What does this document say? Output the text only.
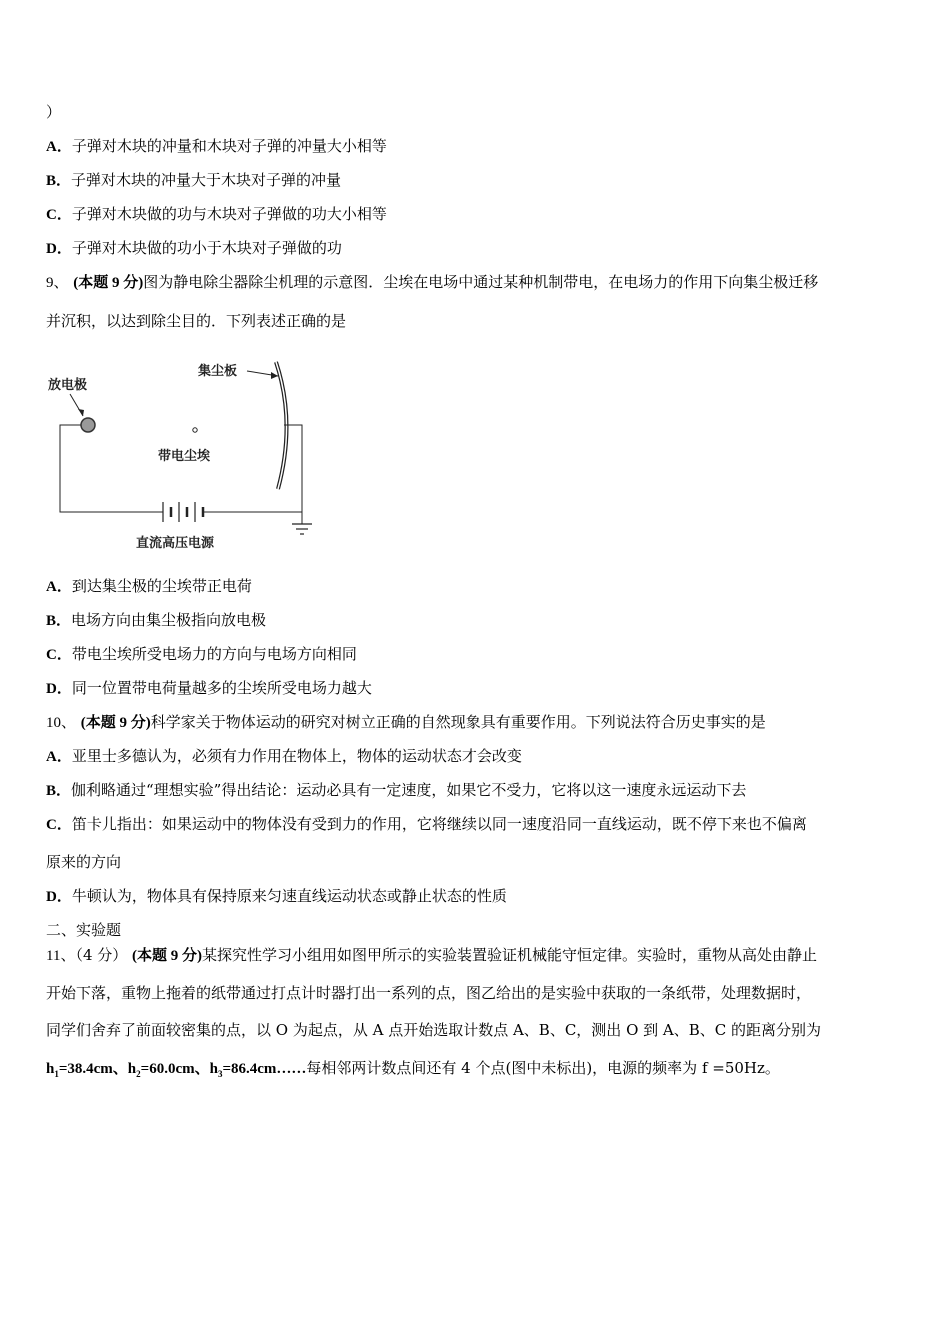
）
A．子弹对木块的冲量和木块对子弹的冲量大小相等
B．子弹对木块的冲量大于木块对子弹的冲量
C．子弹对木块做的功与木块对子弹做的功大小相等
D．子弹对木块做的功小于木块对子弹做的功
9、 (本题 9 分)图为静电除尘器除尘机理的示意图．尘埃在电场中通过某种机制带电，在电场力的作用下向集尘极迁移
并沉积，以达到除尘目的．下列表述正确的是
放电极
集尘板
带电尘埃
直流高压电源
A．到达集尘极的尘埃带正电荷
B．电场方向由集尘极指向放电极
C．带电尘埃所受电场力的方向与电场方向相同
D．同一位置带电荷量越多的尘埃所受电场力越大
10、 (本题 9 分)科学家关于物体运动的研究对树立正确的自然现象具有重要作用。下列说法符合历史事实的是
A．亚里士多德认为，必须有力作用在物体上，物体的运动状态才会改变
B．伽利略通过“理想实验”得出结论：运动必具有一定速度，如果它不受力，它将以这一速度永远运动下去
C．笛卡儿指出：如果运动中的物体没有受到力的作用，它将继续以同一速度沿同一直线运动，既不停下来也不偏离
原来的方向
D．牛顿认为，物体具有保持原来匀速直线运动状态或静止状态的性质
二、实验题
11、（4 分） (本题 9 分)某探究性学习小组用如图甲所示的实验装置验证机械能守恒定律。实验时，重物从高处由静止
开始下落，重物上拖着的纸带通过打点计时器打出一系列的点，图乙给出的是实验中获取的一条纸带，处理数据时，
同学们舍弃了前面较密集的点，以 O 为起点，从 A 点开始选取计数点 A、B、C，测出 O 到 A、B、C 的距离分别为
$h_1=38.4cm$、$h_2=60.0cm$、$h_3=86.4cm\dots\dots$每相邻两计数点间还有 4 个点(图中未标出)，电源的频率为 f =50Hz。
